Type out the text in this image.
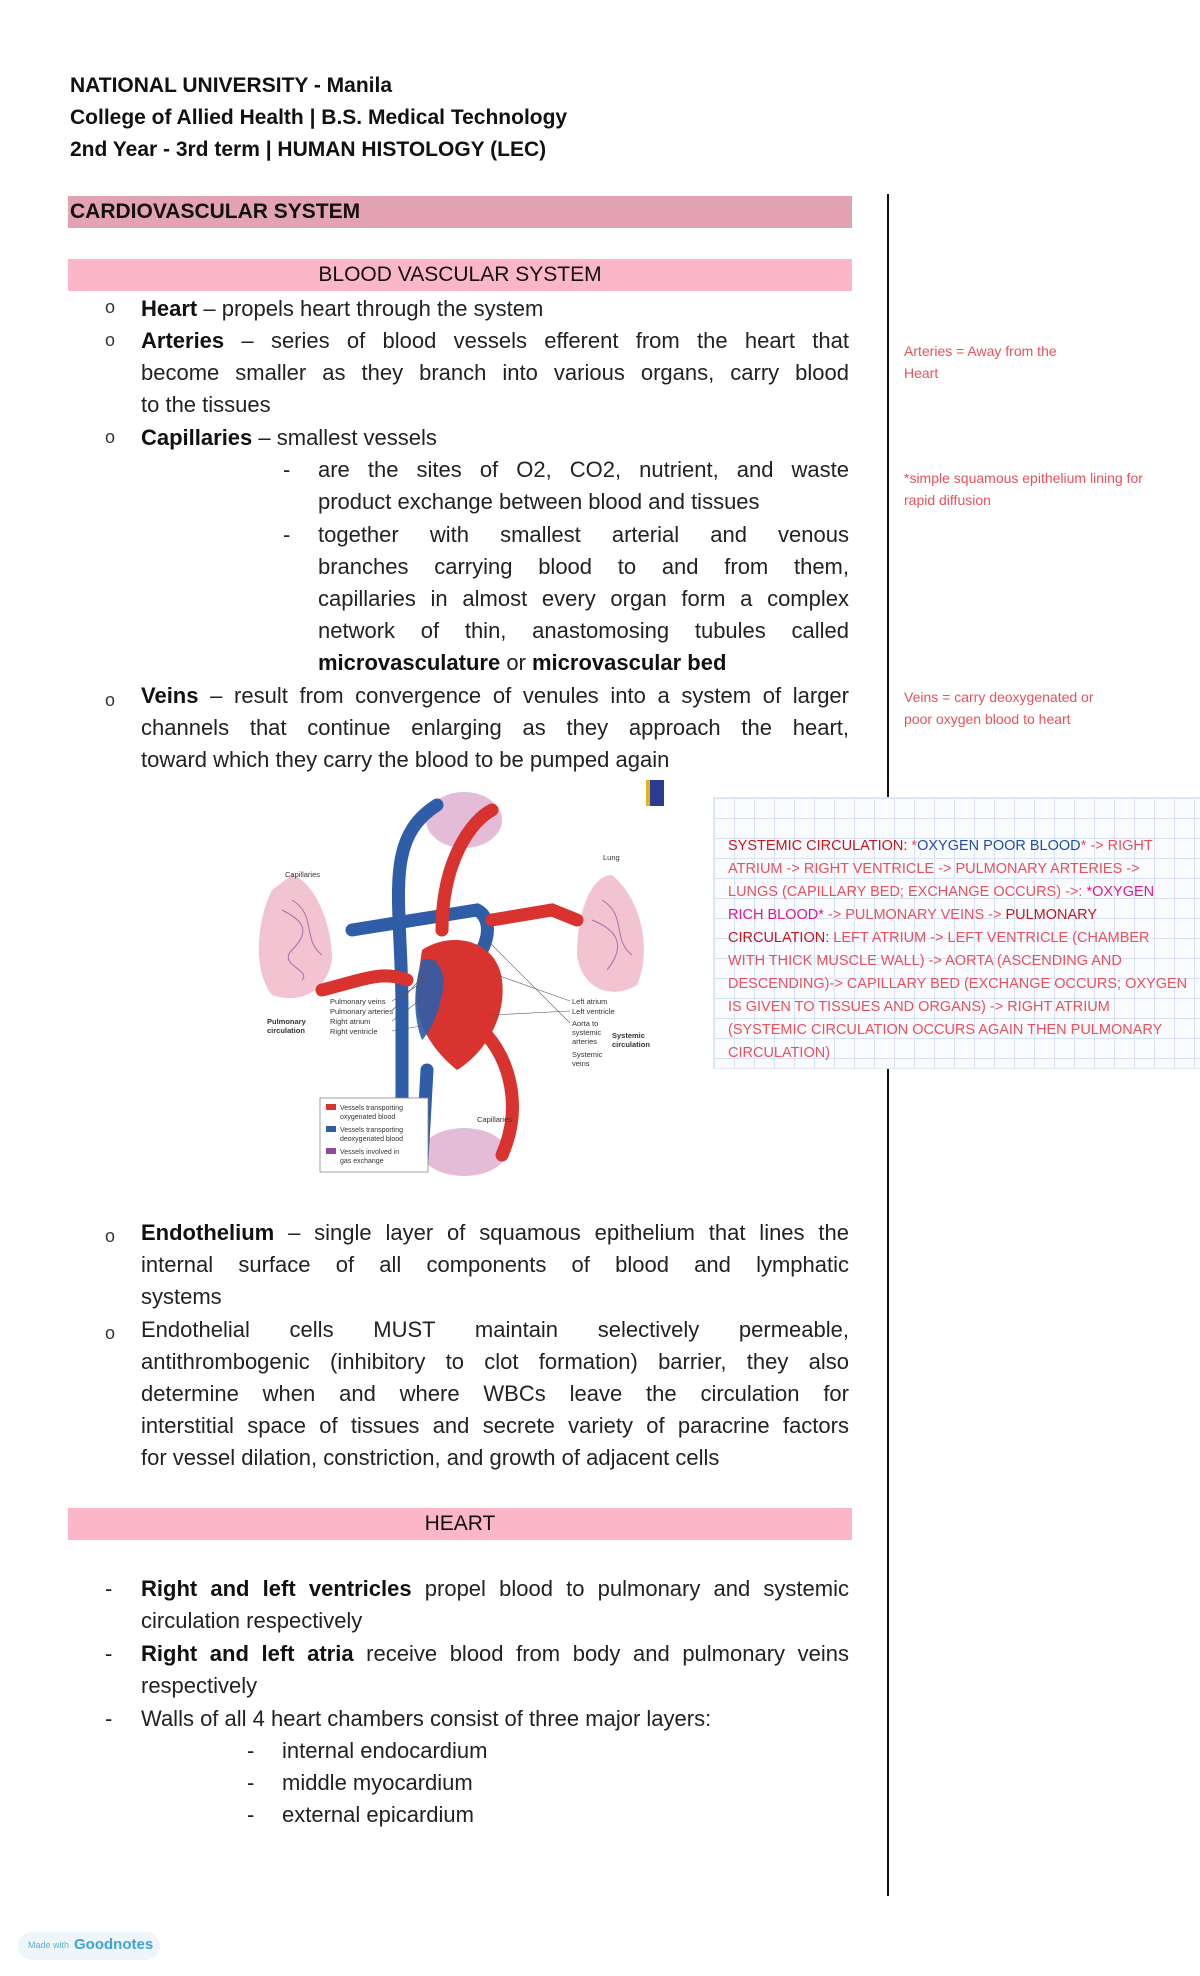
NATIONAL UNIVERSITY - Manila
College of Allied Health | B.S. Medical Technology
2nd Year - 3rd term | HUMAN HISTOLOGY (LEC)
CARDIOVASCULAR SYSTEM
BLOOD VASCULAR SYSTEM
o Heart – propels heart through the system
o Arteries – series of blood vessels efferent from the heart that
become smaller as they branch into various organs, carry blood
to the tissues
o Capillaries – smallest vessels
- are the sites of O2, CO2, nutrient, and waste
product exchange between blood and tissues
- together with smallest arterial and venous
branches carrying blood to and from them,
capillaries in almost every organ form a complex
network of thin, anastomosing tubules called
microvasculature or microvascular bed
o Veins – result from convergence of venules into a system of larger
channels that continue enlarging as they approach the heart,
toward which they carry the blood to be pumped again
Arteries = Away from the
Heart
*simple squamous epithelium lining for
rapid diffusion
Veins = carry deoxygenated or
poor oxygen blood to heart
Capillaries
Lung
Pulmonary
circulation
Pulmonary veins
Pulmonary arteries
Right atrium
Right ventricle
Left atrium
Left ventricle
Aorta to
systemic
arteries
Systemic
veins
Systemic
circulation
Capillaries
Vessels transporting
oxygenated blood
Vessels transporting
deoxygenated blood
Vessels involved in
gas exchange
SYSTEMIC CIRCULATION: *OXYGEN POOR BLOOD* -> RIGHT ATRIUM -> RIGHT VENTRICLE -> PULMONARY ARTERIES -> LUNGS (CAPILLARY BED; EXCHANGE OCCURS) ->: *OXYGEN RICH BLOOD* -> PULMONARY VEINS -> PULMONARY CIRCULATION: LEFT ATRIUM -> LEFT VENTRICLE (CHAMBER WITH THICK MUSCLE WALL) -> AORTA (ASCENDING AND DESCENDING)-> CAPILLARY BED (EXCHANGE OCCURS; OXYGEN IS GIVEN TO TISSUES AND ORGANS) -> RIGHT ATRIUM (SYSTEMIC CIRCULATION OCCURS AGAIN THEN PULMONARY CIRCULATION)
o Endothelium – single layer of squamous epithelium that lines the
internal surface of all components of blood and lymphatic
systems
o Endothelial cells MUST maintain selectively permeable,
antithrombogenic (inhibitory to clot formation) barrier, they also
determine when and where WBCs leave the circulation for
interstitial space of tissues and secrete variety of paracrine factors
for vessel dilation, constriction, and growth of adjacent cells
HEART
- Right and left ventricles propel blood to pulmonary and systemic
circulation respectively
- Right and left atria receive blood from body and pulmonary veins
respectively
- Walls of all 4 heart chambers consist of three major layers:
- internal endocardium
- middle myocardium
- external epicardium
Made with Goodnotes
